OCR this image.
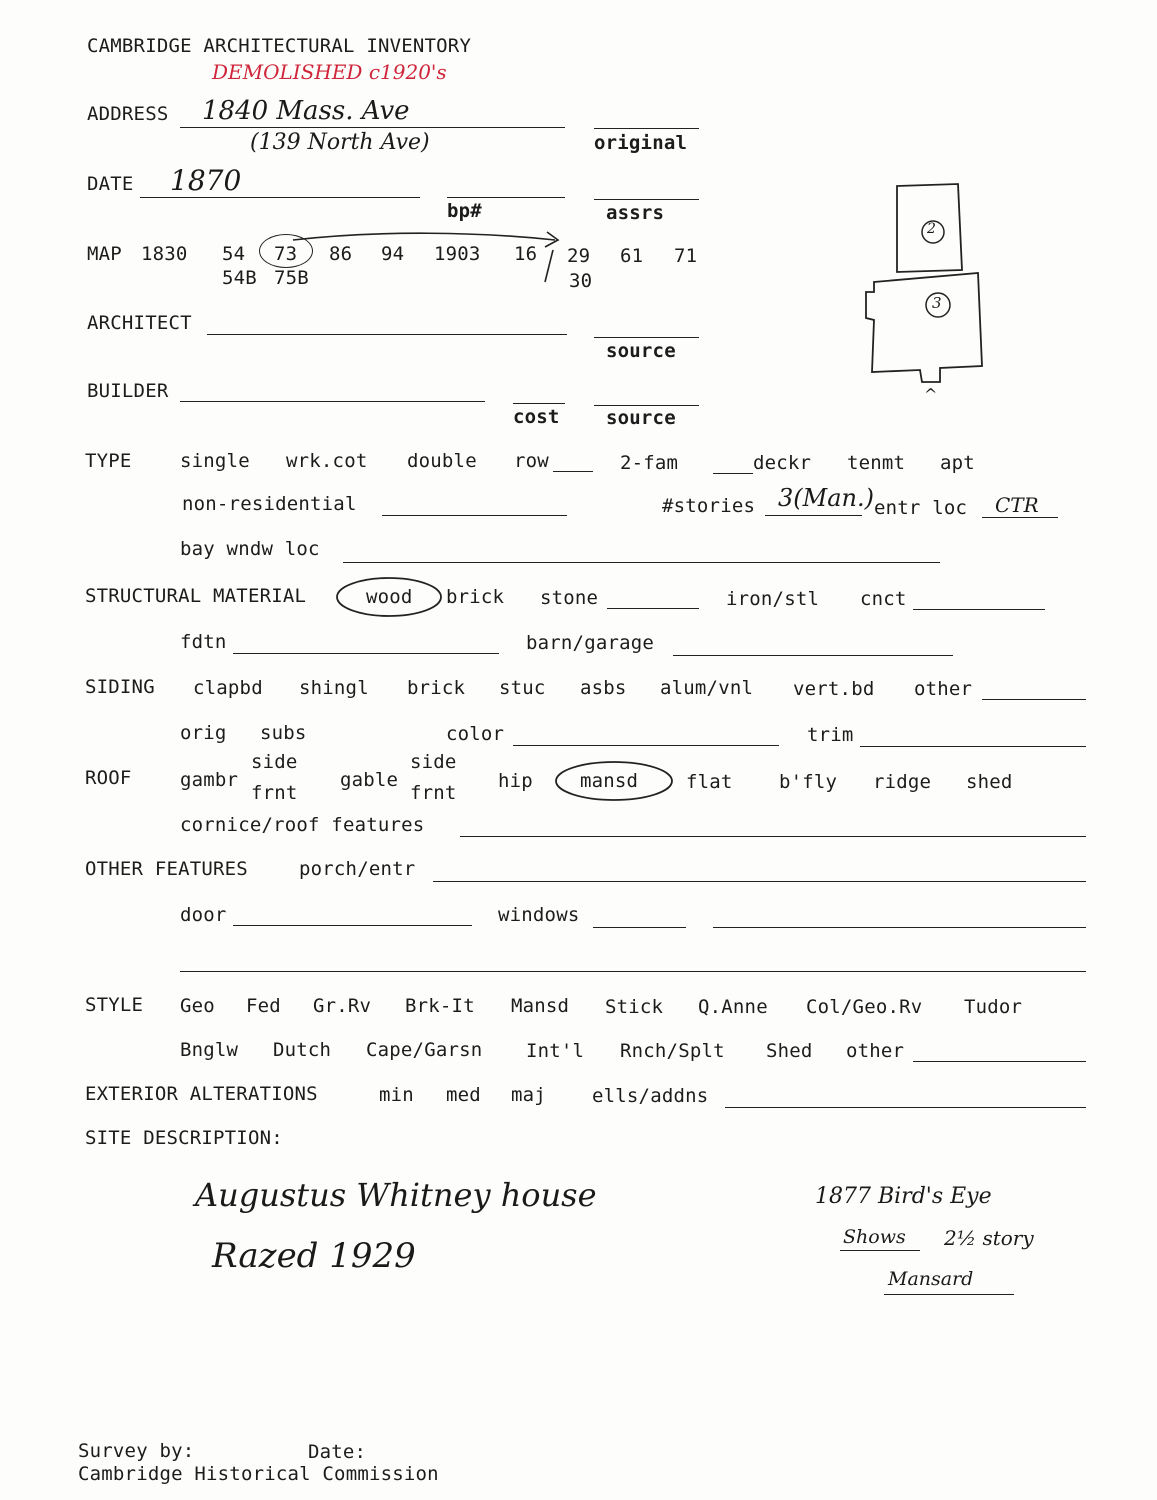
CAMBRIDGE ARCHITECTURAL INVENTORY
DEMOLISHED c1920's
ADDRESS 1840 Mass. Ave
(139 North Ave)	original
DATE 1870
bp#	assrs
MAP 1830 54 73 86 94 1903 16 29 61 71
54B 75B	30
ARCHITECT
source
BUILDER
cost source
2
3
^
TYPE	single wrk.cot double row	2-fam	deckr tenmt apt
non-residential	#stories 3(Man.) entr loc CTR
bay wndw loc
STRUCTURAL MATERIAL	wood brick stone	iron/stl cnct
fdtn	barn/garage
SIDING clapbd shingl brick stuc asbs alum/vnl vert.bd other
orig subs	color	trim
ROOF	gambr
side
frnt
gable
side
frnt
hip mansd	flat b'fly ridge shed
cornice/roof features
OTHER FEATURES	porch/entr
door	windows
STYLE Geo Fed Gr.Rv Brk-It Mansd Stick Q.Anne Col/Geo.Rv Tudor
Bnglw Dutch Cape/Garsn Int'l Rnch/Splt Shed other
EXTERIOR ALTERATIONS	min med maj ells/addns
SITE DESCRIPTION:
Augustus Whitney house
Razed 1929
1877 Bird's Eye
Shows 2½ story
Mansard
Survey by:	Date:
Cambridge Historical Commission
